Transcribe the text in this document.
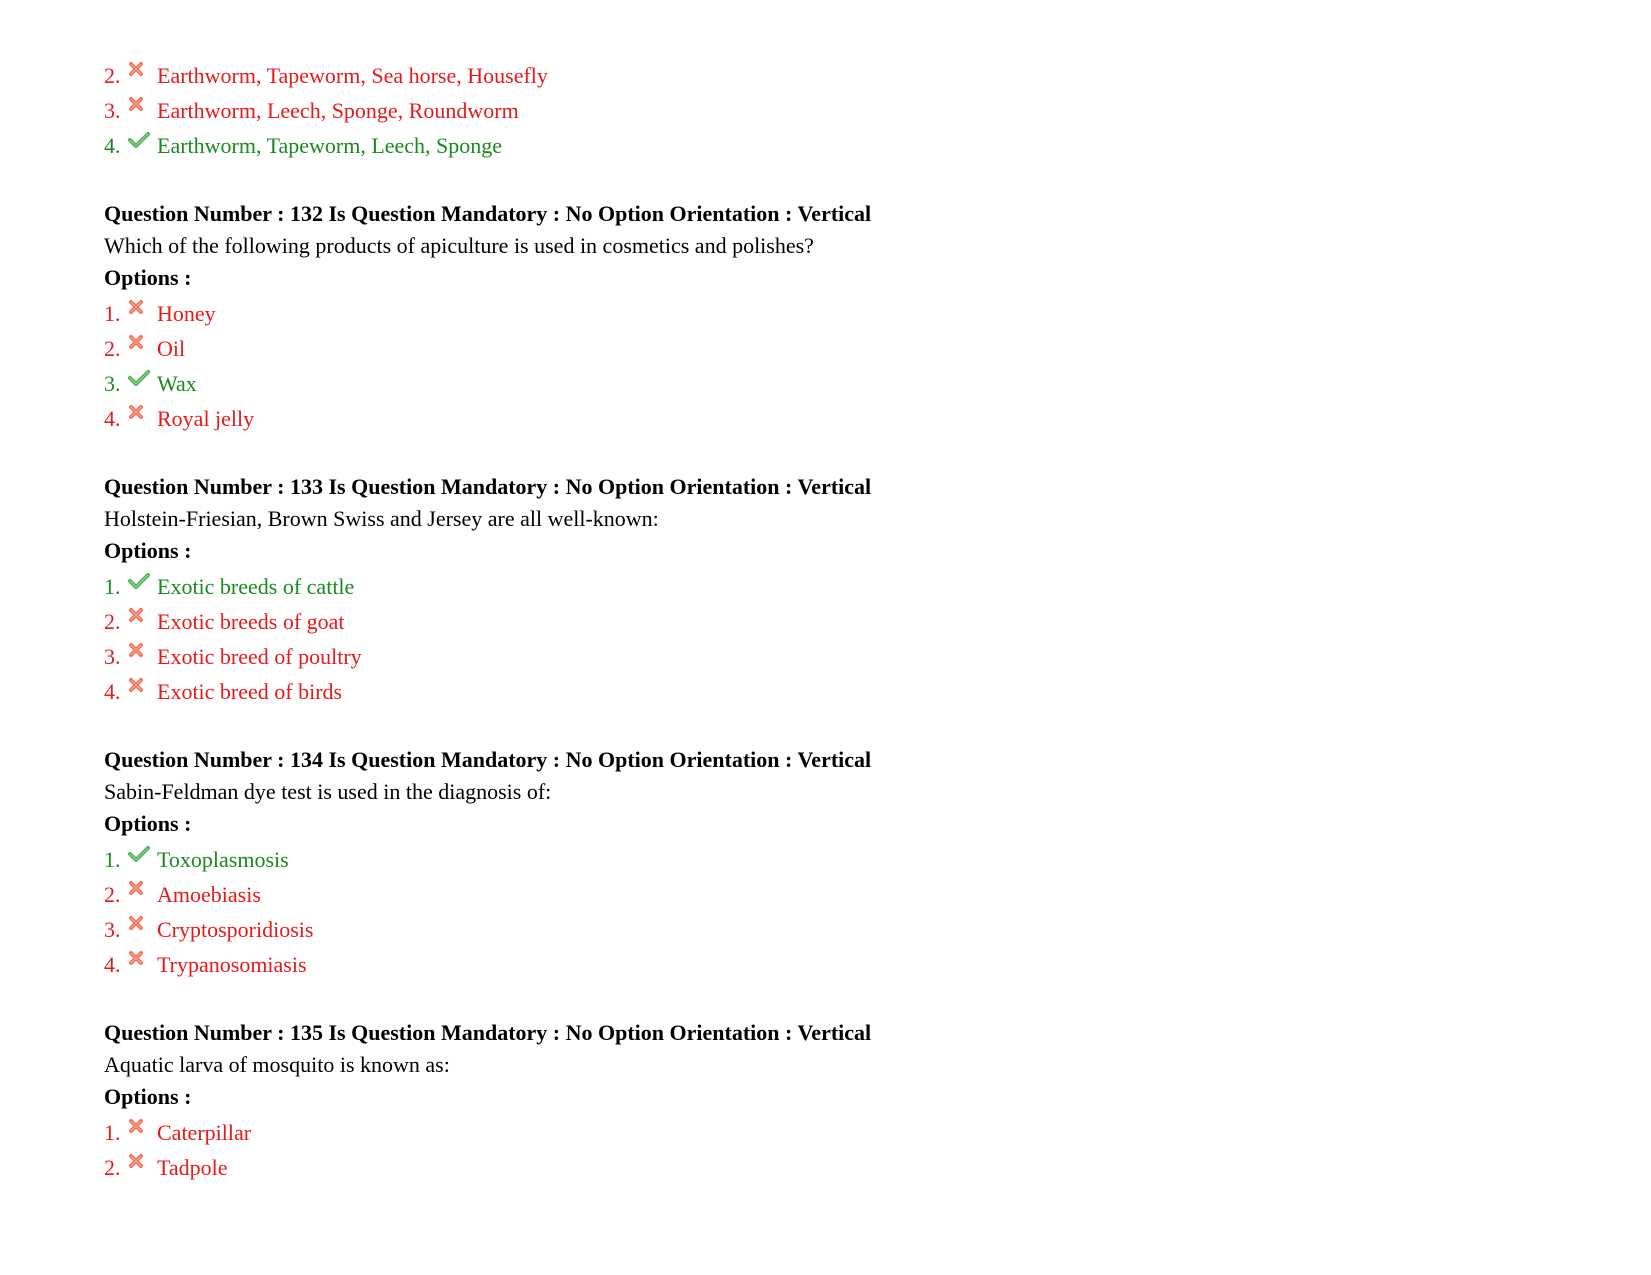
2.	Earthworm, Tapeworm, Sea horse, Housefly
3.	Earthworm, Leech, Sponge, Roundworm
4.	Earthworm, Tapeworm, Leech, Sponge
Question Number : 132 Is Question Mandatory : No Option Orientation : Vertical
Which of the following products of apiculture is used in cosmetics and polishes?
Options :
1.	Honey
2.	Oil
3.	Wax
4.	Royal jelly
Question Number : 133 Is Question Mandatory : No Option Orientation : Vertical
Holstein-Friesian, Brown Swiss and Jersey are all well-known:
Options :
1.	Exotic breeds of cattle
2.	Exotic breeds of goat
3.	Exotic breed of poultry
4.	Exotic breed of birds
Question Number : 134 Is Question Mandatory : No Option Orientation : Vertical
Sabin-Feldman dye test is used in the diagnosis of:
Options :
1.	Toxoplasmosis
2.	Amoebiasis
3.	Cryptosporidiosis
4.	Trypanosomiasis
Question Number : 135 Is Question Mandatory : No Option Orientation : Vertical
Aquatic larva of mosquito is known as:
Options :
1.	Caterpillar
2.	Tadpole
